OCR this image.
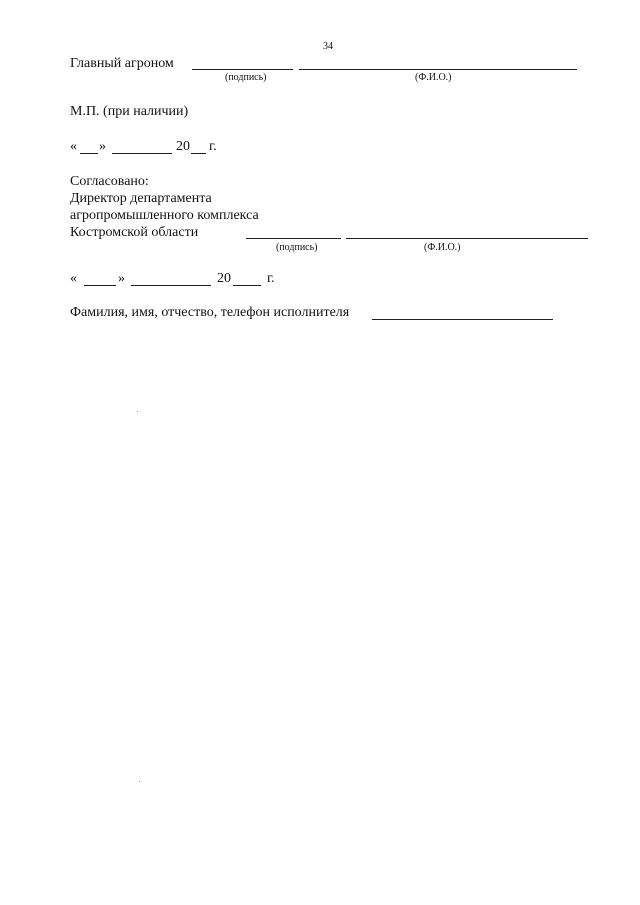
34
Главный агроном
(подпись)	(Ф.И.О.)
М.П. (при наличии)
« »	20 г.
Согласовано:
Директор департамента
агропромышленного комплекса
Костромской области
(подпись)	(Ф.И.О.)
«	»	20	г.
Фамилия, имя, отчество, телефон исполнителя
